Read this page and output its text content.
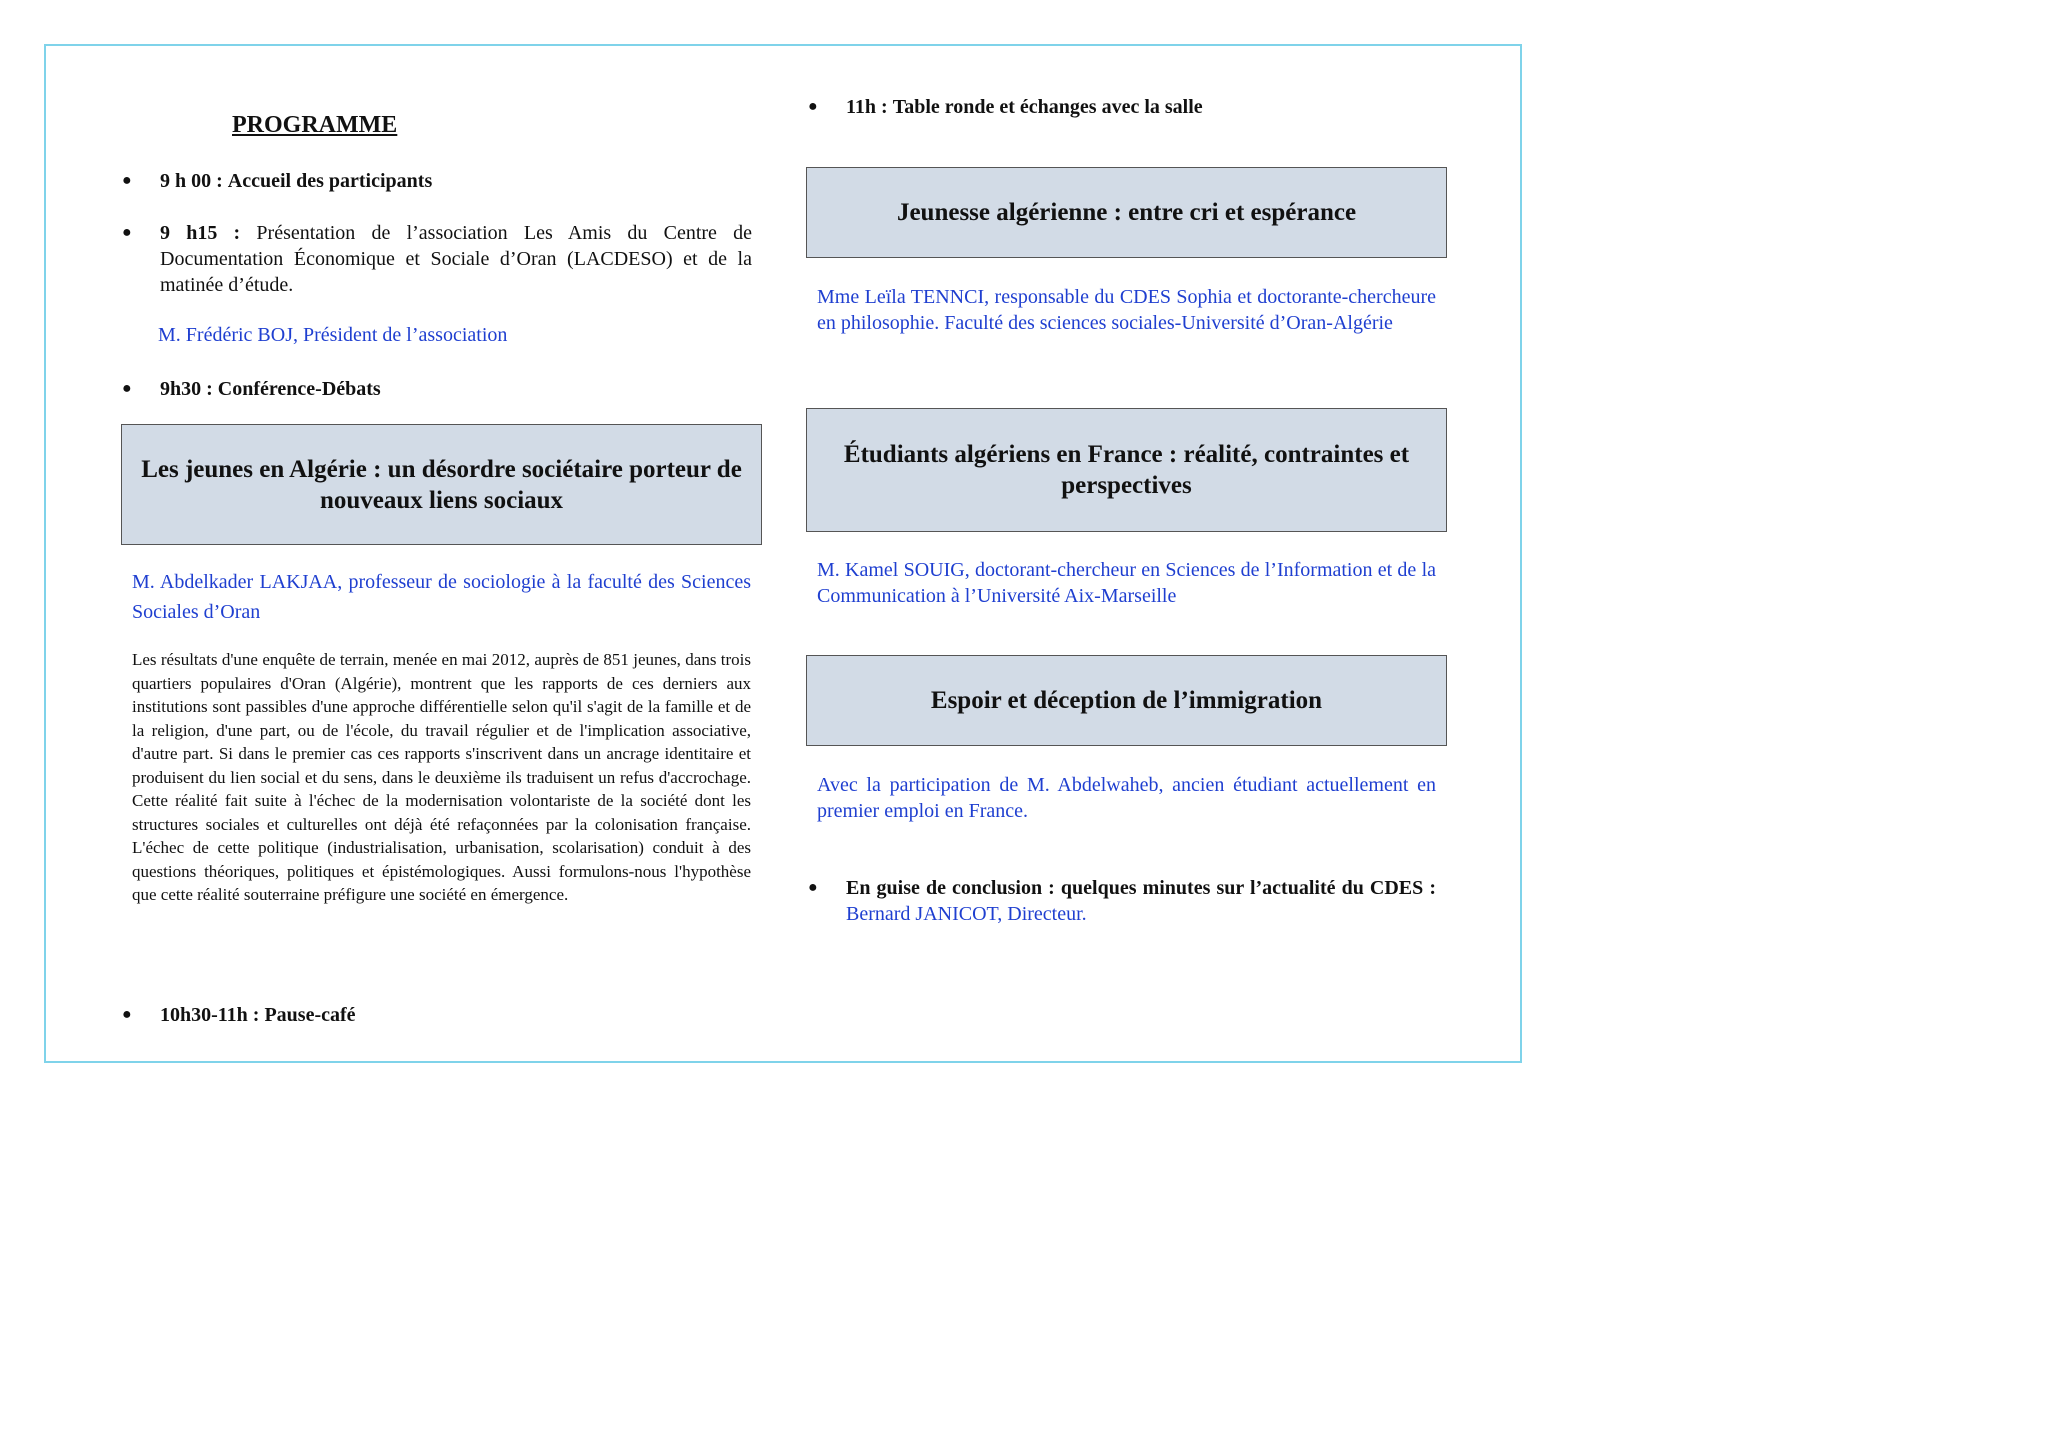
PROGRAMME
● 9 h 00 : Accueil des participants
● 9 h15 : Présentation de l’association Les Amis du Centre de Documentation Économique et Sociale d’Oran (LACDESO) et de la matinée d’étude.
M. Frédéric BOJ, Président de l’association
● 9h30 : Conférence-Débats
Les jeunes en Algérie : un désordre sociétaire porteur de nouveaux liens sociaux
M. Abdelkader LAKJAA, professeur de sociologie à la faculté des Sciences Sociales d’Oran
Les résultats d'une enquête de terrain, menée en mai 2012, auprès de 851 jeunes, dans trois quartiers populaires d'Oran (Algérie), montrent que les rapports de ces derniers aux institutions sont passibles d'une approche différentielle selon qu'il s'agit de la famille et de la religion, d'une part, ou de l'école, du travail régulier et de l'implication associative, d'autre part. Si dans le premier cas ces rapports s'inscrivent dans un ancrage identitaire et produisent du lien social et du sens, dans le deuxième ils traduisent un refus d'accrochage. Cette réalité fait suite à l'échec de la modernisation volontariste de la société dont les structures sociales et culturelles ont déjà été refaçonnées par la colonisation française. L'échec de cette politique (industrialisation, urbanisation, scolarisation) conduit à des questions théoriques, politiques et épistémologiques. Aussi formulons-nous l'hypothèse que cette réalité souterraine préfigure une société en émergence.
● 10h30-11h : Pause-café
● 11h : Table ronde et échanges avec la salle
Jeunesse algérienne : entre cri et espérance
Mme Leïla TENNCI, responsable du CDES Sophia et doctorante-chercheure en philosophie. Faculté des sciences sociales-Université d’Oran-Algérie
Étudiants algériens en France : réalité, contraintes et perspectives
M. Kamel SOUIG, doctorant-chercheur en Sciences de l’Information et de la Communication à l’Université Aix-Marseille
Espoir et déception de l’immigration
Avec la participation de M. Abdelwaheb, ancien étudiant actuellement en premier emploi en France.
● En guise de conclusion : quelques minutes sur l’actualité du CDES : Bernard JANICOT, Directeur.
